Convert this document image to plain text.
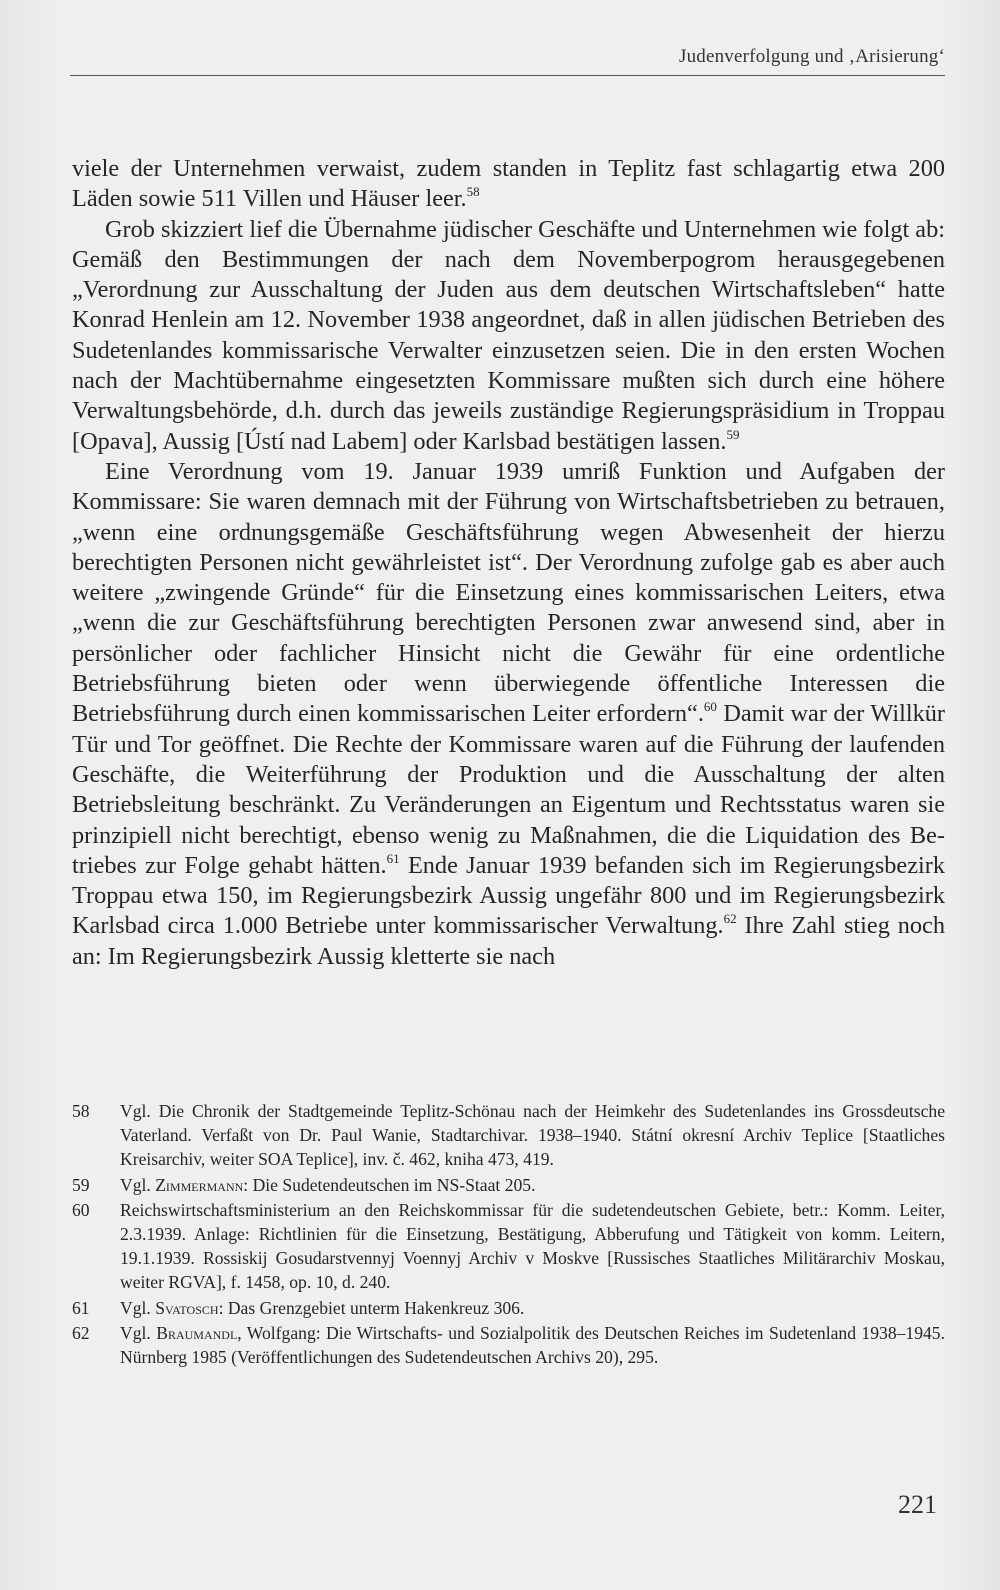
Judenverfolgung und ‚Arisierung‘

viele der Unternehmen verwaist, zudem standen in Teplitz fast schlagartig etwa 200 Läden sowie 511 Villen und Häuser leer.$^{58}$

Grob skizziert lief die Übernahme jüdischer Geschäfte und Unternehmen wie folgt ab: Gemäß den Bestimmungen der nach dem Novemberpogrom herausgegebenen „Verordnung zur Ausschaltung der Juden aus dem deutschen Wirtschaftsleben“ hatte Konrad Henlein am 12. November 1938 angeordnet, daß in allen jüdischen Betrieben des Sudetenlandes kommissarische Verwalter einzusetzen seien. Die in den ersten Wochen nach der Machtübernahme eingesetzten Kommissare mußten sich durch eine höhere Verwaltungsbehörde, d.h. durch das jeweils zuständige Regierungspräsidium in Troppau [Opava], Aussig [Ústí nad Labem] oder Karlsbad bestätigen lassen.$^{59}$

Eine Verordnung vom 19. Januar 1939 umriß Funktion und Aufgaben der Kommissare: Sie waren demnach mit der Führung von Wirtschaftsbetrieben zu betrauen, „wenn eine ordnungsgemäße Geschäftsführung wegen Abwesenheit der hierzu berechtigten Personen nicht gewährleistet ist“. Der Verordnung zufolge gab es aber auch weitere „zwingende Gründe“ für die Einsetzung eines kommissarischen Leiters, etwa „wenn die zur Geschäftsführung berechtigten Personen zwar anwesend sind, aber in persönlicher oder fachlicher Hinsicht nicht die Gewähr für eine ordentliche Betriebsführung bieten oder wenn überwiegende öffentliche Interessen die Betriebsführung durch einen kommissarischen Leiter erfordern“.$^{60}$ Damit war der Willkür Tür und Tor geöffnet. Die Rechte der Kommissare waren auf die Führung der laufenden Geschäfte, die Weiterführung der Produktion und die Ausschaltung der alten Betriebsleitung beschränkt. Zu Veränderungen an Eigentum und Rechtsstatus waren sie prinzipiell nicht berechtigt, ebenso wenig zu Maßnahmen, die die Liquidation des Betriebes zur Folge gehabt hätten.$^{61}$ Ende Januar 1939 befanden sich im Regierungsbezirk Troppau etwa 150, im Regierungsbezirk Aussig ungefähr 800 und im Regierungsbezirk Karlsbad circa 1.000 Betriebe unter kommissarischer Verwaltung.$^{62}$ Ihre Zahl stieg noch an: Im Regierungsbezirk Aussig kletterte sie nach

58	Vgl. Die Chronik der Stadtgemeinde Teplitz-Schönau nach der Heimkehr des Sudetenlandes ins Grossdeutsche Vaterland. Verfaßt von Dr. Paul Wanie, Stadtarchivar. 1938–1940. Státní okresní Archiv Teplice [Staatliches Kreisarchiv, weiter SOA Teplice], inv. č. 462, kniha 473, 419.
59	Vgl. Zimmermann: Die Sudetendeutschen im NS-Staat 205.
60	Reichswirtschaftsministerium an den Reichskommissar für die sudetendeutschen Gebiete, betr.: Komm. Leiter, 2.3.1939. Anlage: Richtlinien für die Einsetzung, Bestätigung, Abberufung und Tätigkeit von komm. Leitern, 19.1.1939. Rossiskij Gosudarstvennyj Voennyj Archiv v Moskve [Russisches Staatliches Militärarchiv Moskau, weiter RGVA], f. 1458, op. 10, d. 240.
61	Vgl. Svatosch: Das Grenzgebiet unterm Hakenkreuz 306.
62	Vgl. Braumandl, Wolfgang: Die Wirtschafts- und Sozialpolitik des Deutschen Reiches im Sudetenland 1938–1945. Nürnberg 1985 (Veröffentlichungen des Sudetendeutschen Archivs 20), 295.
221
